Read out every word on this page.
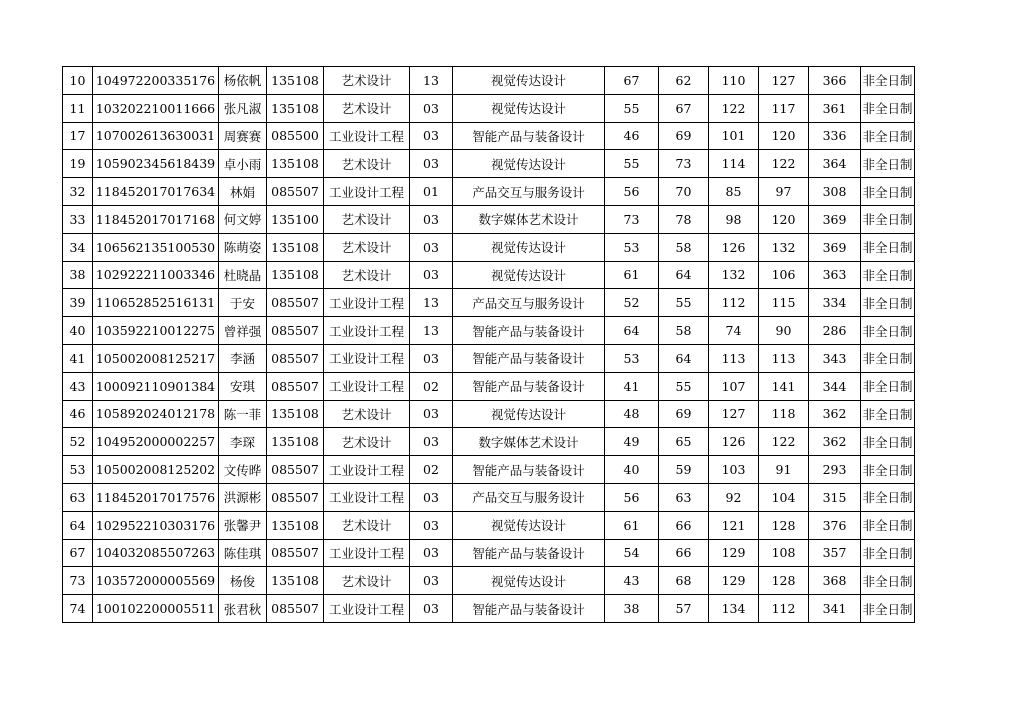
10	104972200335176	杨依帆	135108	艺术设计	13	视觉传达设计	67	62	110	127	366	非全日制
11	103202210011666	张凡淑	135108	艺术设计	03	视觉传达设计	55	67	122	117	361	非全日制
17	107002613630031	周赛赛	085500	工业设计工程	03	智能产品与装备设计	46	69	101	120	336	非全日制
19	105902345618439	卓小雨	135108	艺术设计	03	视觉传达设计	55	73	114	122	364	非全日制
32	118452017017634	林娟	085507	工业设计工程	01	产品交互与服务设计	56	70	85	97	308	非全日制
33	118452017017168	何文婷	135100	艺术设计	03	数字媒体艺术设计	73	78	98	120	369	非全日制
34	106562135100530	陈萌姿	135108	艺术设计	03	视觉传达设计	53	58	126	132	369	非全日制
38	102922211003346	杜晓晶	135108	艺术设计	03	视觉传达设计	61	64	132	106	363	非全日制
39	110652852516131	于安	085507	工业设计工程	13	产品交互与服务设计	52	55	112	115	334	非全日制
40	103592210012275	曾祥强	085507	工业设计工程	13	智能产品与装备设计	64	58	74	90	286	非全日制
41	105002008125217	李涵	085507	工业设计工程	03	智能产品与装备设计	53	64	113	113	343	非全日制
43	100092110901384	安琪	085507	工业设计工程	02	智能产品与装备设计	41	55	107	141	344	非全日制
46	105892024012178	陈一菲	135108	艺术设计	03	视觉传达设计	48	69	127	118	362	非全日制
52	104952000002257	李琛	135108	艺术设计	03	数字媒体艺术设计	49	65	126	122	362	非全日制
53	105002008125202	文传晔	085507	工业设计工程	02	智能产品与装备设计	40	59	103	91	293	非全日制
63	118452017017576	洪源彬	085507	工业设计工程	03	产品交互与服务设计	56	63	92	104	315	非全日制
64	102952210303176	张馨尹	135108	艺术设计	03	视觉传达设计	61	66	121	128	376	非全日制
67	104032085507263	陈佳琪	085507	工业设计工程	03	智能产品与装备设计	54	66	129	108	357	非全日制
73	103572000005569	杨俊	135108	艺术设计	03	视觉传达设计	43	68	129	128	368	非全日制
74	100102200005511	张君秋	085507	工业设计工程	03	智能产品与装备设计	38	57	134	112	341	非全日制
